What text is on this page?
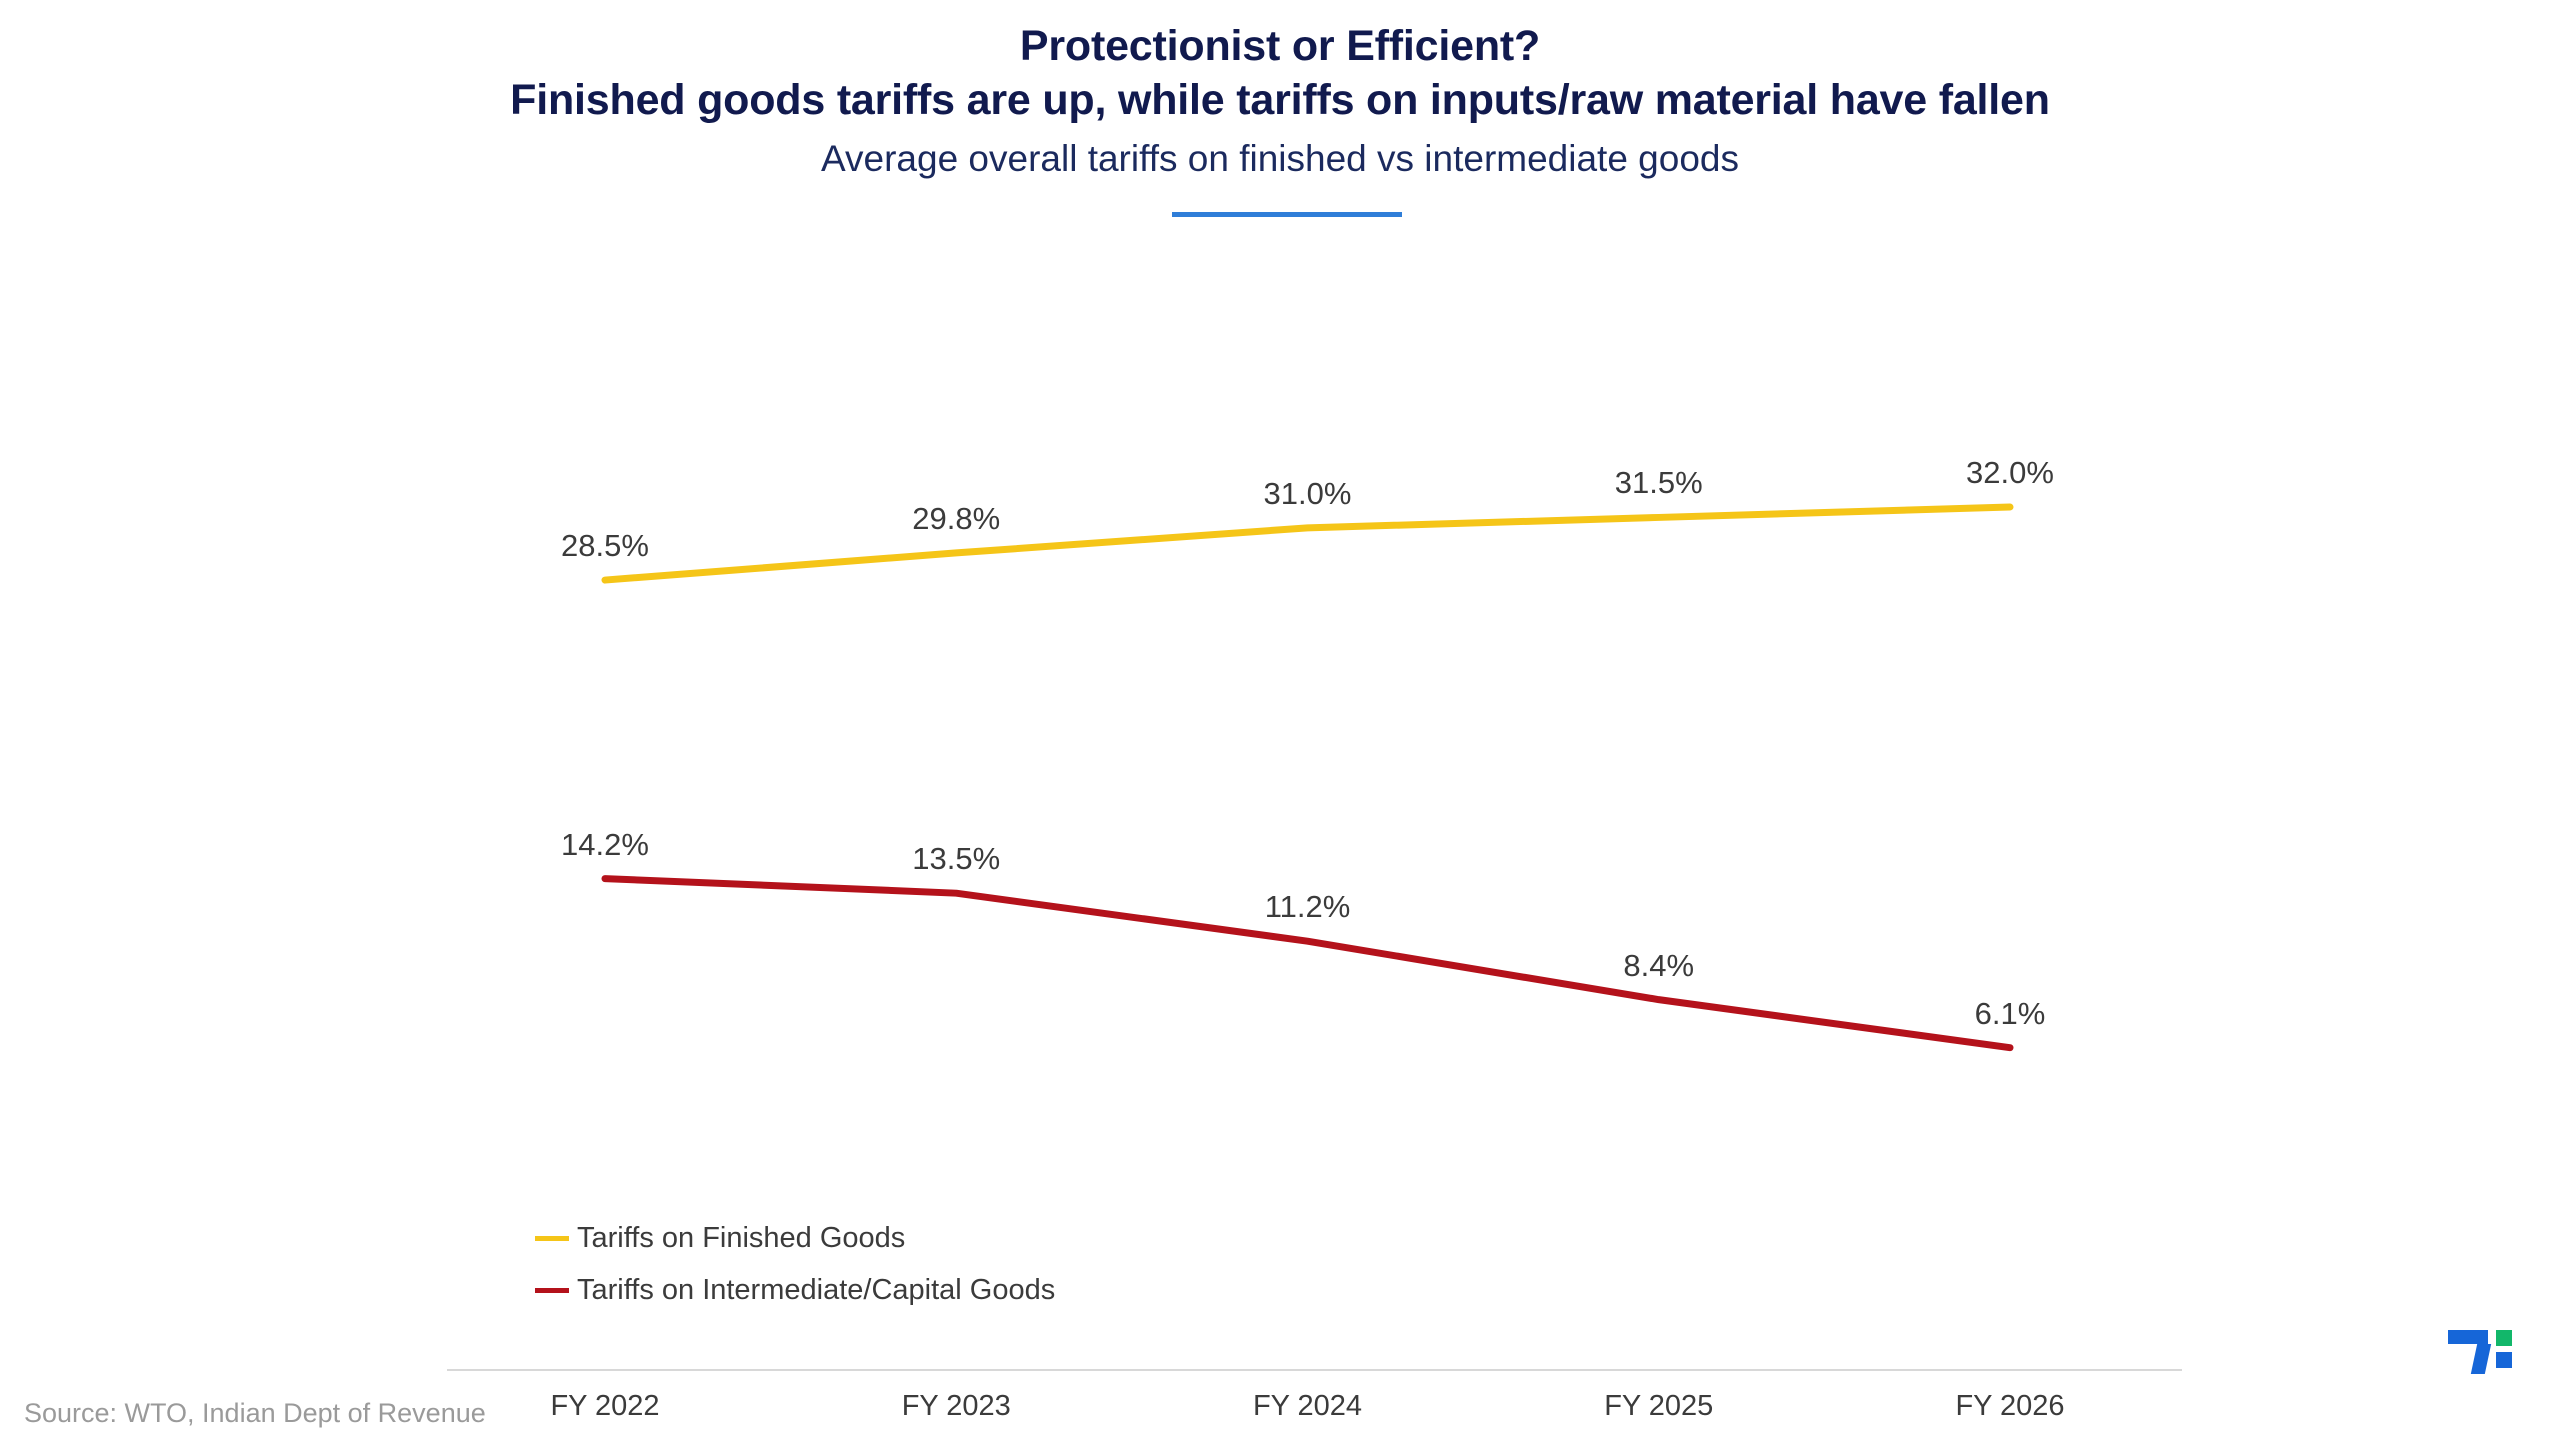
Protectionist or Efficient?
Finished goods tariffs are up, while tariffs on inputs/raw material have fallen
Average overall tariffs on finished vs intermediate goods
28.5%
29.8%
31.0%	31.5%	32.0%
14.2%	13.5%
11.2%
8.4%
6.1%
Tariffs on Finished Goods
Tariffs on Intermediate/Capital Goods
FY 2022	FY 2023	FY 2024	FY 2025	FY 2026
Source: WTO, Indian Dept of Revenue
